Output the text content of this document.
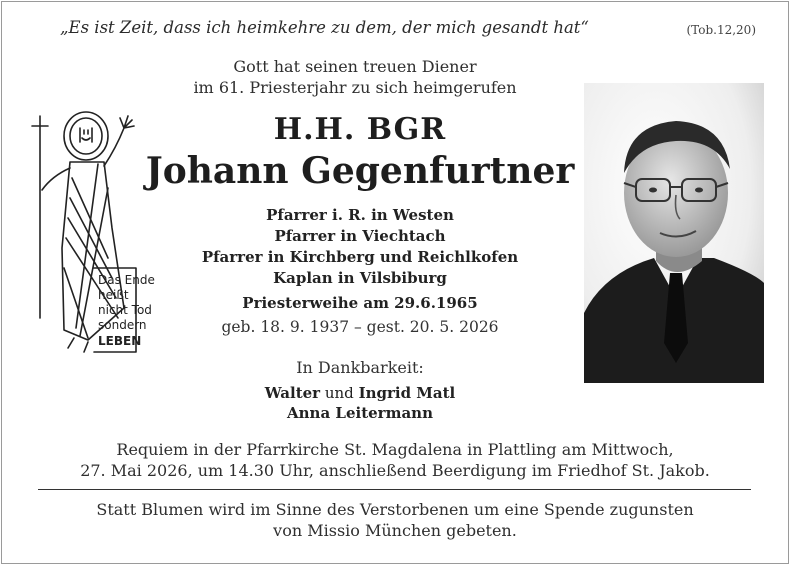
„Es ist Zeit, dass ich heimkehre zu dem, der mich gesandt hat“	(Tob.12,20)
Gott hat seinen treuen Diener
im 61. Priesterjahr zu sich heimgerufen
Das Ende
heißt
nicht Tod
sondern
LEBEN
H.H. BGR
Johann Gegenfurtner
Pfarrer i. R. in Westen
Pfarrer in Viechtach
Pfarrer in Kirchberg und Reichlkofen
Kaplan in Vilsbiburg
Priesterweihe am 29.6.1965
geb. 18. 9. 1937 – gest. 20. 5. 2026
In Dankbarkeit:
Walter und Ingrid Matl
Anna Leitermann
Requiem in der Pfarrkirche St. Magdalena in Plattling am Mittwoch,
27. Mai 2026, um 14.30 Uhr, anschließend Beerdigung im Friedhof St. Jakob.
Statt Blumen wird im Sinne des Verstorbenen um eine Spende zugunsten
von Missio München gebeten.
